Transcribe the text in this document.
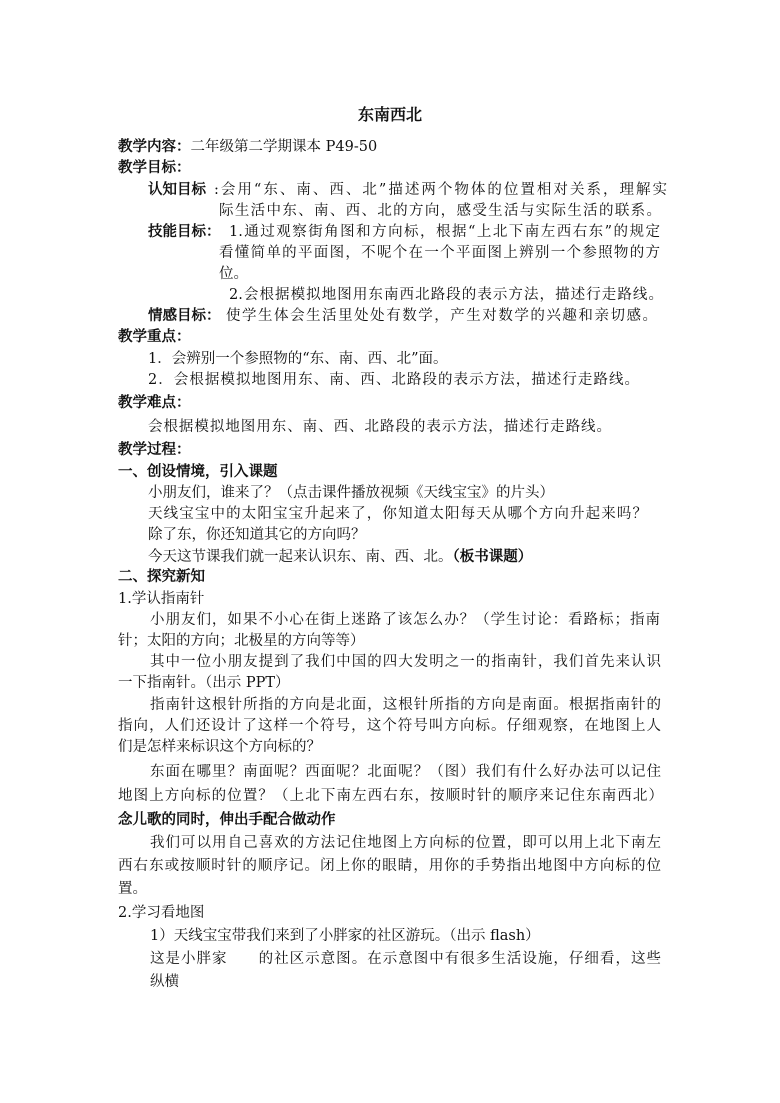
东南西北
教学内容：二年级第二学期课本 P49-50
教学目标：
认知目标 :会用“东、南、西、北”描述两个物体的位置相对关系，理解实
际生活中东、南、西、北的方向，感受生活与实际生活的联系。
技能目标： 1.通过观察街角图和方向标，根据“上北下南左西右东”的规定
看懂简单的平面图，不呢个在一个平面图上辨别一个参照物的方
位。
2.会根据模拟地图用东南西北路段的表示方法，描述行走路线。
情感目标： 使学生体会生活里处处有数学，产生对数学的兴趣和亲切感。
教学重点：
1．会辨别一个参照物的“东、南、西、北”面。
2．会根据模拟地图用东、南、西、北路段的表示方法，描述行走路线。
教学难点：
会根据模拟地图用东、南、西、北路段的表示方法，描述行走路线。
教学过程：
一、创设情境，引入课题
小朋友们，谁来了？（点击课件播放视频《天线宝宝》的片头）
天线宝宝中的太阳宝宝升起来了，你知道太阳每天从哪个方向升起来吗？
除了东，你还知道其它的方向吗？
今天这节课我们就一起来认识东、南、西、北。（板书课题）
二、探究新知
1.学认指南针
小朋友们，如果不小心在街上迷路了该怎么办？（学生讨论：看路标；指南
针；太阳的方向；北极星的方向等等）
其中一位小朋友提到了我们中国的四大发明之一的指南针，我们首先来认识
一下指南针。（出示 PPT）
指南针这根针所指的方向是北面，这根针所指的方向是南面。根据指南针的
指向，人们还设计了这样一个符号，这个符号叫方向标。仔细观察，在地图上人
们是怎样来标识这个方向标的？
东面在哪里？南面呢？西面呢？北面呢？（图）我们有什么好办法可以记住
地图上方向标的位置？（上北下南左西右东，按顺时针的顺序来记住东南西北）
念儿歌的同时，伸出手配合做动作
我们可以用自己喜欢的方法记住地图上方向标的位置，即可以用上北下南左
西右东或按顺时针的顺序记。闭上你的眼睛，用你的手势指出地图中方向标的位
置。
2.学习看地图
1）天线宝宝带我们来到了小胖家的社区游玩。（出示 flash）
这是小胖家　　的社区示意图。在示意图中有很多生活设施，仔细看，这些
纵横
